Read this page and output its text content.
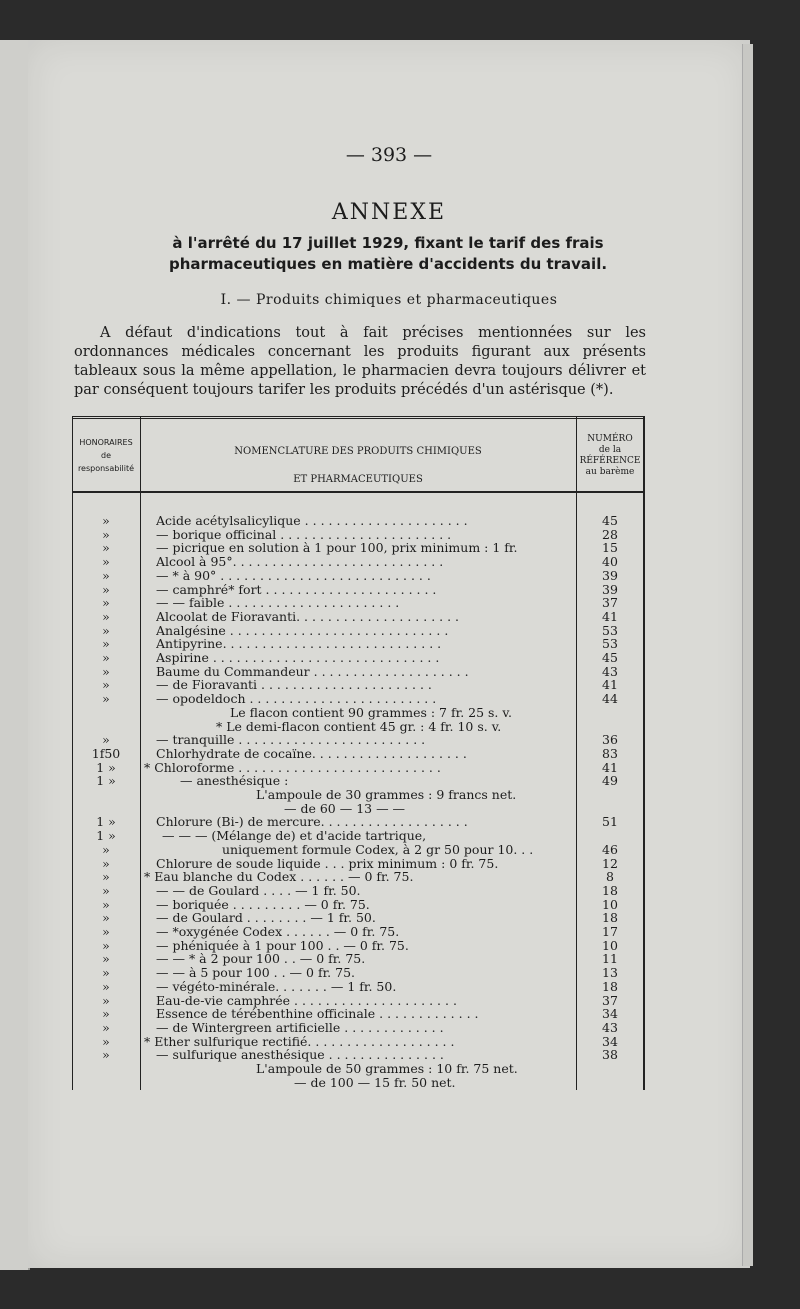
— 393 —
ANNEXE
à l'arrêté du 17 juillet 1929, fixant le tarif des frais
pharmaceutiques en matière d'accidents du travail.
I. — Produits chimiques et pharmaceutiques

A défaut d'indications tout à fait précises mentionnées sur les ordonnances médicales concernant les produits figurant aux présents tableaux sous la même appellation, le pharmacien devra toujours délivrer et par conséquent toujours tarifer les produits précédés d'un astérisque (*).

HONORAIRES
de
responsabilité
NOMENCLATURE DES PRODUITS CHIMIQUES
ET PHARMACEUTIQUES
NUMÉRO
de la
RÉFÉRENCE
au barème
»	Acide acétylsalicylique . . . . . . . . . . . . . . . . . . . . .	45
»	— borique officinal . . . . . . . . . . . . . . . . . . . . . .	28
»	— picrique en solution à 1 pour 100, prix minimum : 1 fr.	15
»	Alcool à 95°. . . . . . . . . . . . . . . . . . . . . . . . . . .	40
»	— * à 90° . . . . . . . . . . . . . . . . . . . . . . . . . . .	39
»	— camphré* fort . . . . . . . . . . . . . . . . . . . . . .	39
»	— — faible . . . . . . . . . . . . . . . . . . . . . .	37
»	Alcoolat de Fioravanti. . . . . . . . . . . . . . . . . . . . .	41
»	Analgésine . . . . . . . . . . . . . . . . . . . . . . . . . . . .	53
»	Antipyrine. . . . . . . . . . . . . . . . . . . . . . . . . . . .	53
»	Aspirine . . . . . . . . . . . . . . . . . . . . . . . . . . . . .	45
»	Baume du Commandeur . . . . . . . . . . . . . . . . . . . .	43
»	— de Fioravanti . . . . . . . . . . . . . . . . . . . . . .	41
»	— opodeldoch . . . . . . . . . . . . . . . . . . . . . . . .	44
Le flacon contient 90 grammes : 7 fr. 25 s. v.
* Le demi-flacon contient 45 gr. : 4 fr. 10 s. v.
»	— tranquille . . . . . . . . . . . . . . . . . . . . . . . .	36
1f50	Chlorhydrate de cocaïne. . . . . . . . . . . . . . . . . . . .	83
1 »	* Chloroforme . . . . . . . . . . . . . . . . . . . . . . . . . .	41
1 »	— anesthésique :	49
L'ampoule de 30 grammes : 9 francs net.
— de 60 — 13 — —
1 »	Chlorure (Bi-) de mercure. . . . . . . . . . . . . . . . . . .	51
1 »	— — — (Mélange de) et d'acide tartrique,
»	uniquement formule Codex, à 2 gr 50 pour 10. . .	46
»	Chlorure de soude liquide . . . prix minimum : 0 fr. 75.	12
»	* Eau blanche du Codex . . . . . . — 0 fr. 75.	8
»	— — de Goulard . . . . — 1 fr. 50.	18
»	— boriquée . . . . . . . . . — 0 fr. 75.	10
»	— de Goulard . . . . . . . . — 1 fr. 50.	18
»	— *oxygénée Codex . . . . . . — 0 fr. 75.	17
»	— phéniquée à 1 pour 100 . . — 0 fr. 75.	10
»	— — * à 2 pour 100 . . — 0 fr. 75.	11
»	— — à 5 pour 100 . . — 0 fr. 75.	13
»	— végéto-minérale. . . . . . . — 1 fr. 50.	18
»	Eau-de-vie camphrée . . . . . . . . . . . . . . . . . . . . .	37
»	Essence de térébenthine officinale . . . . . . . . . . . . .	34
»	— de Wintergreen artificielle . . . . . . . . . . . . .	43
»	* Ether sulfurique rectifié. . . . . . . . . . . . . . . . . . .	34
»	— sulfurique anesthésique . . . . . . . . . . . . . . .	38
L'ampoule de 50 grammes : 10 fr. 75 net.
— de 100 — 15 fr. 50 net.
